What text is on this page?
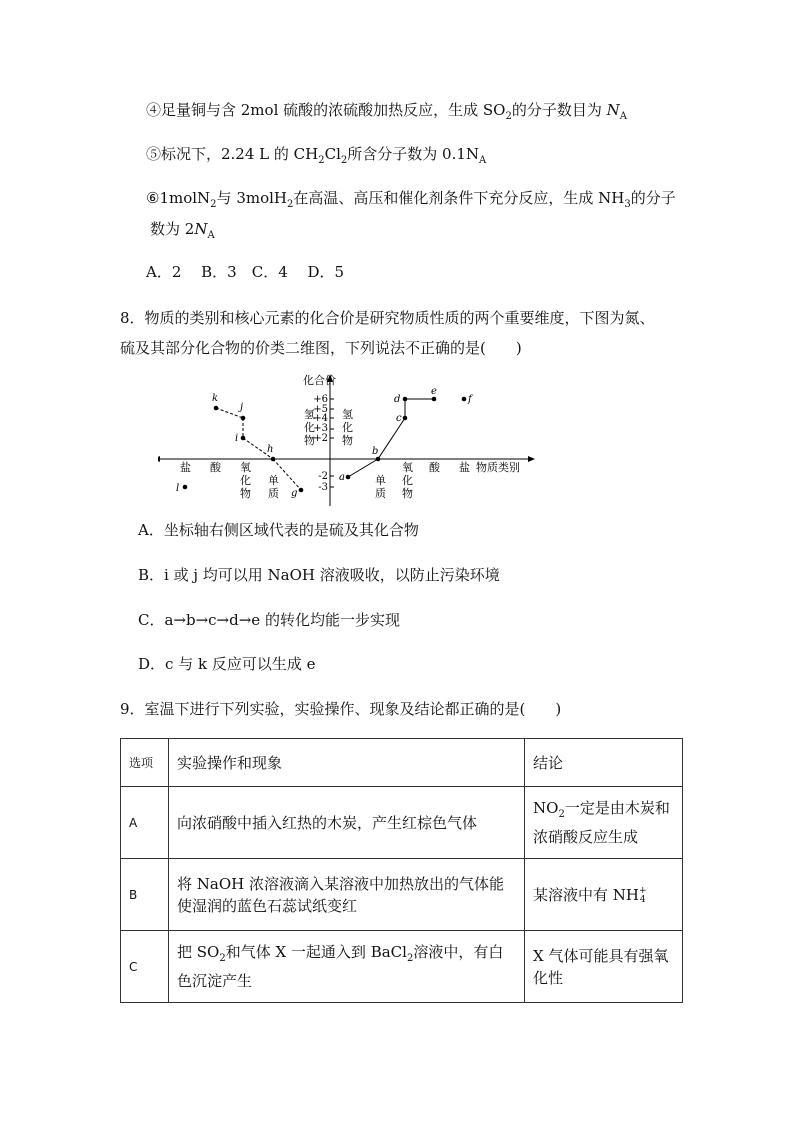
④足量铜与含 2mol 硫酸的浓硫酸加热反应，生成 $SO_2$的分子数目为 $N_A$
⑤标况下，2.24 L 的 $CH_2Cl_2$所含分子数为 $0.1N_A$
⑥1molN$_2$与 3molH$_2$在高温、高压和催化剂条件下充分反应，生成 $NH_3$的分子
数为 $2N_A$
A．2　 B．3　C．4　 D．5
8．物质的类别和核心元素的化合价是研究物质性质的两个重要维度，下图为氮、
硫及其部分化合物的价类二维图，下列说法不正确的是(　　)
+6
+5
+4
+2
-2
-3
化合价
+3
氢
化
物
氢
化
物
盐 酸 氧
化
物
单
质
单
质
氧
化
物
酸 盐 物质类别
a
b
c
d
e
f
g
h
i
j
k
l
A．坐标轴右侧区域代表的是硫及其化合物
B．i 或 j 均可以用 NaOH 溶液吸收，以防止污染环境
C．a→b→c→d→e 的转化均能一步实现
D．c 与 k 反应可以生成 e
9．室温下进行下列实验，实验操作、现象及结论都正确的是(　　)
选项	实验操作和现象	结论
A	向浓硝酸中插入红热的木炭，产生红棕色气体	$NO_2$一定是由木炭和浓硝酸反应生成
B	将 NaOH 浓溶液滴入某溶液中加热放出的气体能使湿润的蓝色石蕊试纸变红	某溶液中有 NH+
4
C	把 $SO_2$和气体 X 一起通入到 BaCl$_2$溶液中，有白色沉淀产生	X 气体可能具有强氧化性
